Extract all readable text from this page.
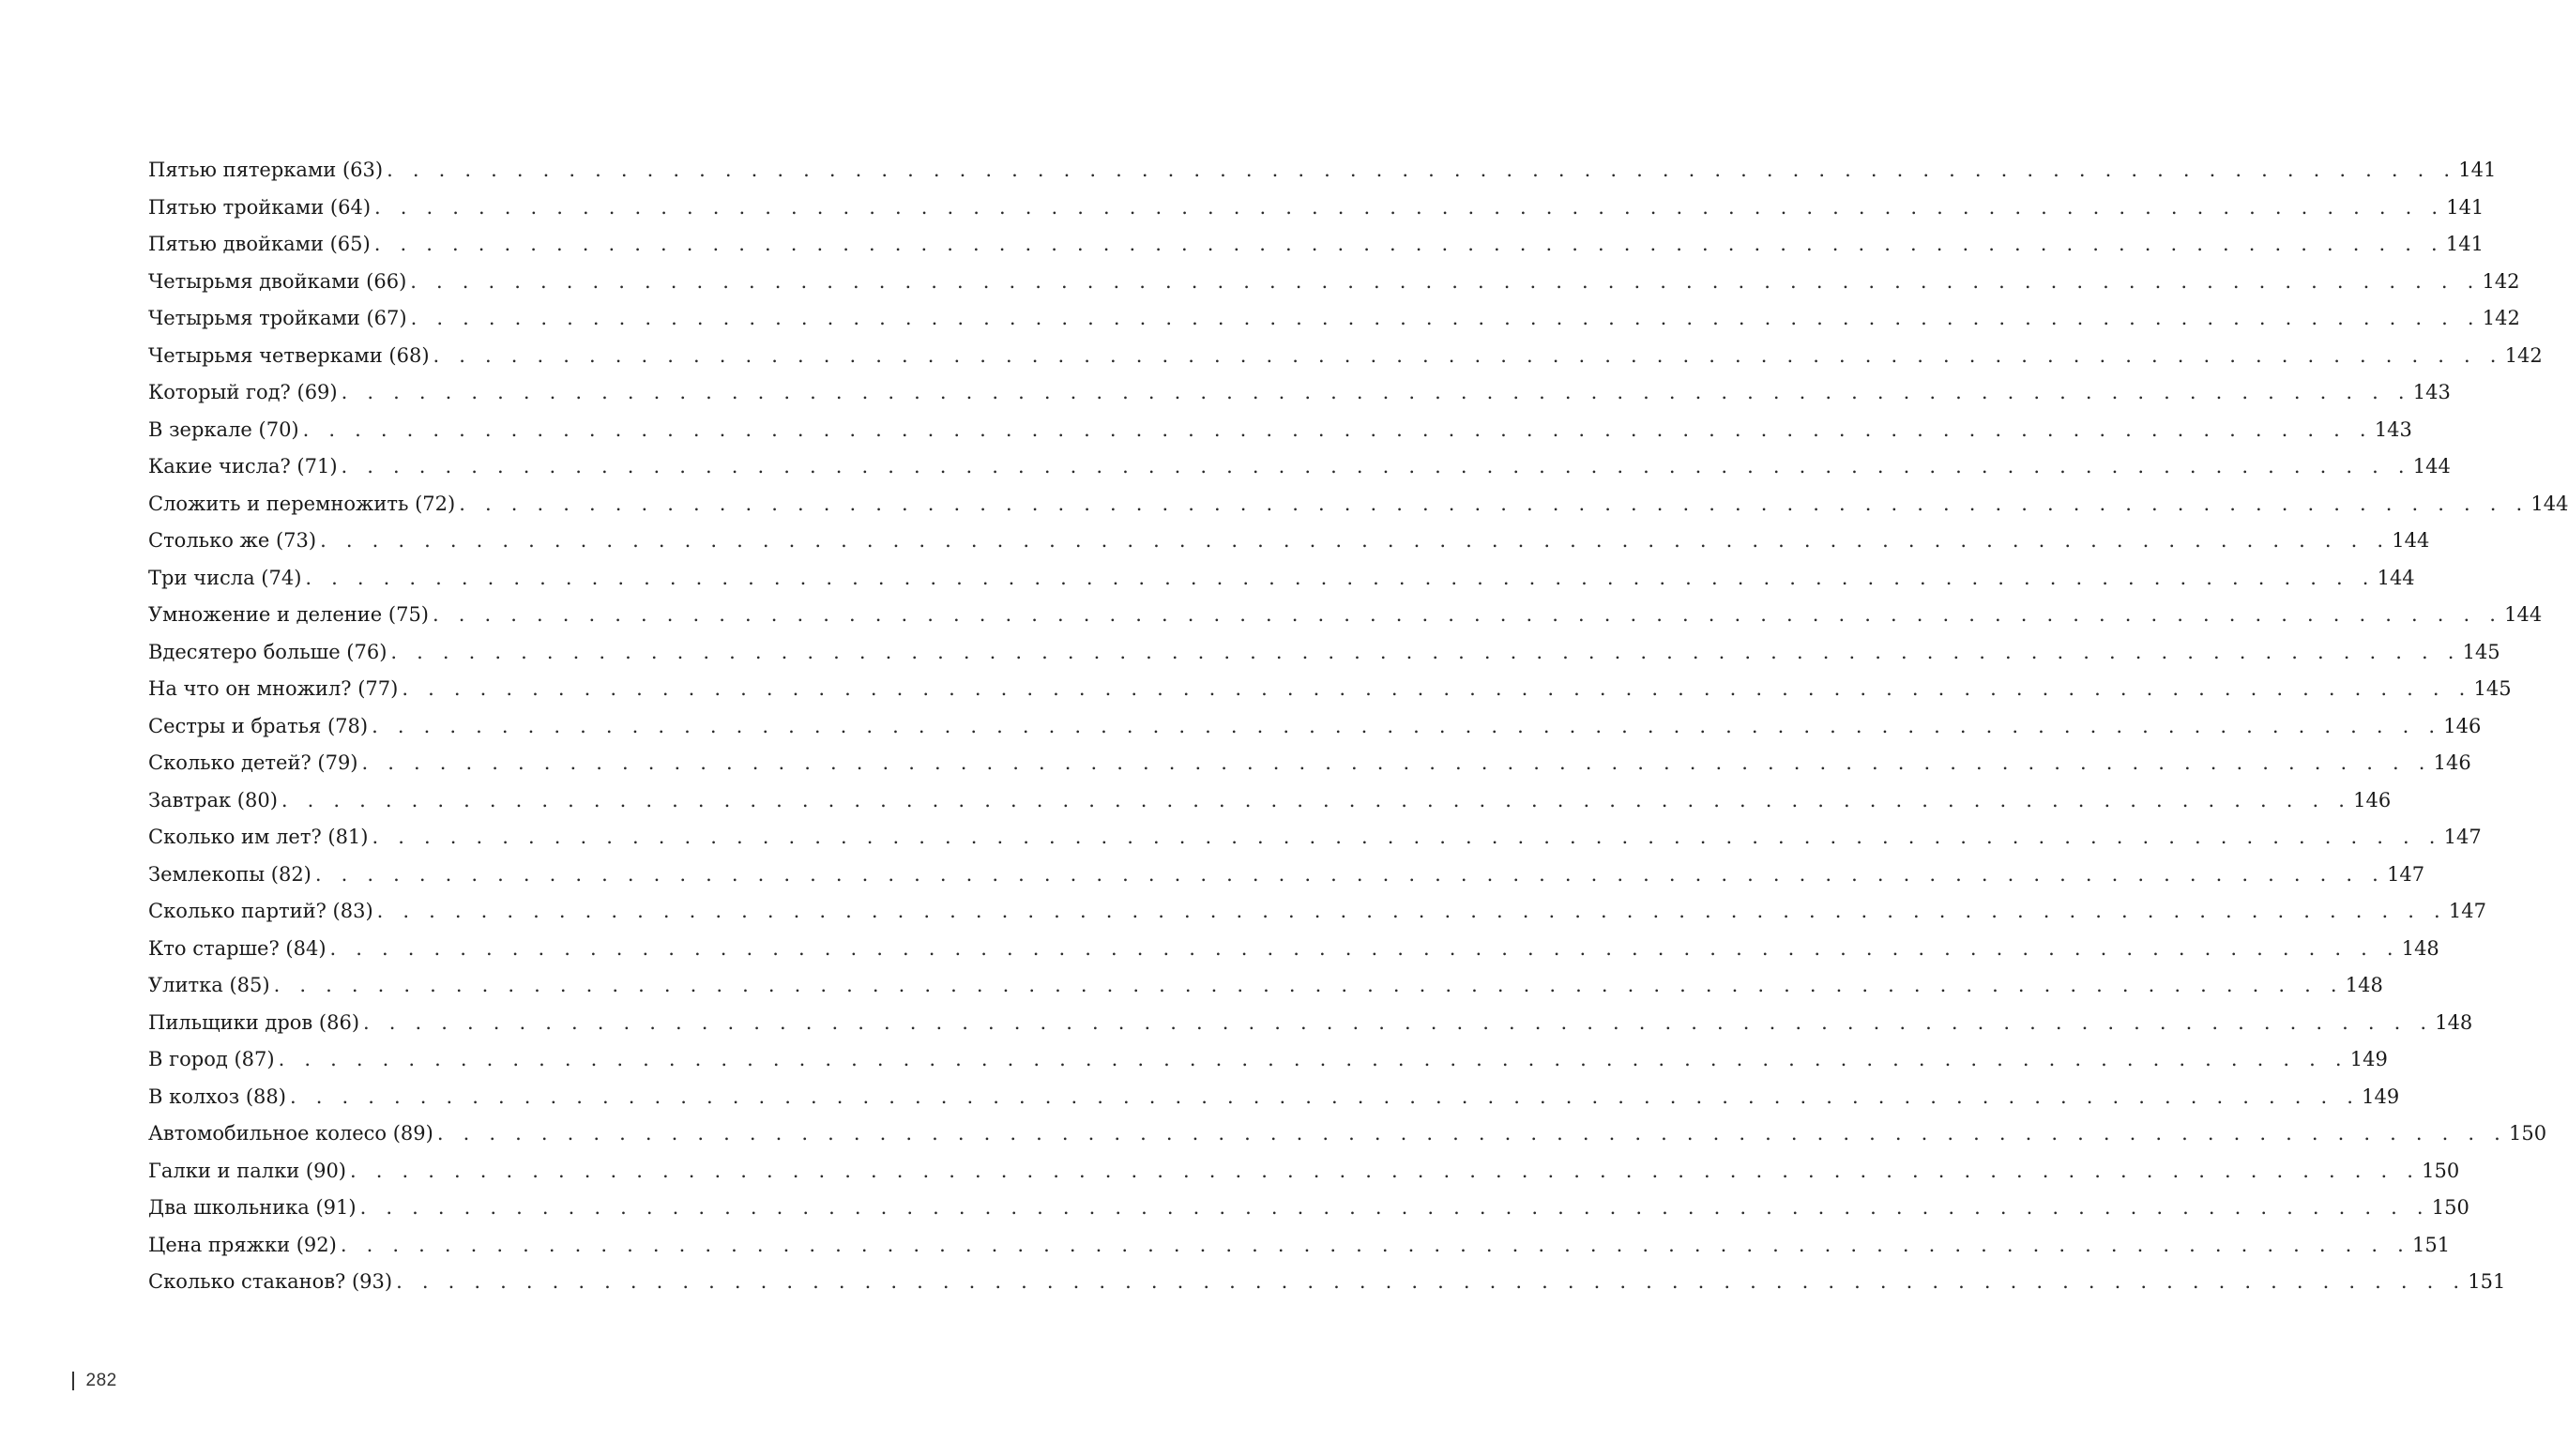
Пятью пятерками (63) . . . . . . . . . . . . . . . . . . . . . . . . . . . . . . . . . . . . . . . . . . . . . . . . . . . . . . . . . . . . . . . . . . . . . . . . . . . . . . . . 141
Пятью тройками (64) . . . . . . . . . . . . . . . . . . . . . . . . . . . . . . . . . . . . . . . . . . . . . . . . . . . . . . . . . . . . . . . . . . . . . . . . . . . . . . . . 141
Пятью двойками (65) . . . . . . . . . . . . . . . . . . . . . . . . . . . . . . . . . . . . . . . . . . . . . . . . . . . . . . . . . . . . . . . . . . . . . . . . . . . . . . . . 141
Четырьмя двойками (66) . . . . . . . . . . . . . . . . . . . . . . . . . . . . . . . . . . . . . . . . . . . . . . . . . . . . . . . . . . . . . . . . . . . . . . . . . . . . . . . . 142
Четырьмя тройками (67) . . . . . . . . . . . . . . . . . . . . . . . . . . . . . . . . . . . . . . . . . . . . . . . . . . . . . . . . . . . . . . . . . . . . . . . . . . . . . . . . 142
Четырьмя четверками (68) . . . . . . . . . . . . . . . . . . . . . . . . . . . . . . . . . . . . . . . . . . . . . . . . . . . . . . . . . . . . . . . . . . . . . . . . . . . . . . . . 142
Который год? (69) . . . . . . . . . . . . . . . . . . . . . . . . . . . . . . . . . . . . . . . . . . . . . . . . . . . . . . . . . . . . . . . . . . . . . . . . . . . . . . . . 143
В зеркале (70) . . . . . . . . . . . . . . . . . . . . . . . . . . . . . . . . . . . . . . . . . . . . . . . . . . . . . . . . . . . . . . . . . . . . . . . . . . . . . . . . 143
Какие числа? (71) . . . . . . . . . . . . . . . . . . . . . . . . . . . . . . . . . . . . . . . . . . . . . . . . . . . . . . . . . . . . . . . . . . . . . . . . . . . . . . . . 144
Сложить и перемножить (72) . . . . . . . . . . . . . . . . . . . . . . . . . . . . . . . . . . . . . . . . . . . . . . . . . . . . . . . . . . . . . . . . . . . . . . . . . . . . . . . . 144
Столько же (73) . . . . . . . . . . . . . . . . . . . . . . . . . . . . . . . . . . . . . . . . . . . . . . . . . . . . . . . . . . . . . . . . . . . . . . . . . . . . . . . . 144
Три числа (74) . . . . . . . . . . . . . . . . . . . . . . . . . . . . . . . . . . . . . . . . . . . . . . . . . . . . . . . . . . . . . . . . . . . . . . . . . . . . . . . . 144
Умножение и деление (75) . . . . . . . . . . . . . . . . . . . . . . . . . . . . . . . . . . . . . . . . . . . . . . . . . . . . . . . . . . . . . . . . . . . . . . . . . . . . . . . . 144
Вдесятеро больше (76) . . . . . . . . . . . . . . . . . . . . . . . . . . . . . . . . . . . . . . . . . . . . . . . . . . . . . . . . . . . . . . . . . . . . . . . . . . . . . . . . 145
На что он множил? (77) . . . . . . . . . . . . . . . . . . . . . . . . . . . . . . . . . . . . . . . . . . . . . . . . . . . . . . . . . . . . . . . . . . . . . . . . . . . . . . . . 145
Сестры и братья (78) . . . . . . . . . . . . . . . . . . . . . . . . . . . . . . . . . . . . . . . . . . . . . . . . . . . . . . . . . . . . . . . . . . . . . . . . . . . . . . . . 146
Сколько детей? (79) . . . . . . . . . . . . . . . . . . . . . . . . . . . . . . . . . . . . . . . . . . . . . . . . . . . . . . . . . . . . . . . . . . . . . . . . . . . . . . . . 146
Завтрак (80) . . . . . . . . . . . . . . . . . . . . . . . . . . . . . . . . . . . . . . . . . . . . . . . . . . . . . . . . . . . . . . . . . . . . . . . . . . . . . . . . 146
Сколько им лет? (81) . . . . . . . . . . . . . . . . . . . . . . . . . . . . . . . . . . . . . . . . . . . . . . . . . . . . . . . . . . . . . . . . . . . . . . . . . . . . . . . . 147
Землекопы (82) . . . . . . . . . . . . . . . . . . . . . . . . . . . . . . . . . . . . . . . . . . . . . . . . . . . . . . . . . . . . . . . . . . . . . . . . . . . . . . . . 147
Сколько партий? (83) . . . . . . . . . . . . . . . . . . . . . . . . . . . . . . . . . . . . . . . . . . . . . . . . . . . . . . . . . . . . . . . . . . . . . . . . . . . . . . . . 147
Кто старше? (84) . . . . . . . . . . . . . . . . . . . . . . . . . . . . . . . . . . . . . . . . . . . . . . . . . . . . . . . . . . . . . . . . . . . . . . . . . . . . . . . . 148
Улитка (85) . . . . . . . . . . . . . . . . . . . . . . . . . . . . . . . . . . . . . . . . . . . . . . . . . . . . . . . . . . . . . . . . . . . . . . . . . . . . . . . . 148
Пильщики дров (86) . . . . . . . . . . . . . . . . . . . . . . . . . . . . . . . . . . . . . . . . . . . . . . . . . . . . . . . . . . . . . . . . . . . . . . . . . . . . . . . . 148
В город (87) . . . . . . . . . . . . . . . . . . . . . . . . . . . . . . . . . . . . . . . . . . . . . . . . . . . . . . . . . . . . . . . . . . . . . . . . . . . . . . . . 149
В колхоз (88) . . . . . . . . . . . . . . . . . . . . . . . . . . . . . . . . . . . . . . . . . . . . . . . . . . . . . . . . . . . . . . . . . . . . . . . . . . . . . . . . 149
Автомобильное колесо (89) . . . . . . . . . . . . . . . . . . . . . . . . . . . . . . . . . . . . . . . . . . . . . . . . . . . . . . . . . . . . . . . . . . . . . . . . . . . . . . . . 150
Галки и палки (90) . . . . . . . . . . . . . . . . . . . . . . . . . . . . . . . . . . . . . . . . . . . . . . . . . . . . . . . . . . . . . . . . . . . . . . . . . . . . . . . . 150
Два школьника (91) . . . . . . . . . . . . . . . . . . . . . . . . . . . . . . . . . . . . . . . . . . . . . . . . . . . . . . . . . . . . . . . . . . . . . . . . . . . . . . . . 150
Цена пряжки (92) . . . . . . . . . . . . . . . . . . . . . . . . . . . . . . . . . . . . . . . . . . . . . . . . . . . . . . . . . . . . . . . . . . . . . . . . . . . . . . . . 151
Сколько стаканов? (93) . . . . . . . . . . . . . . . . . . . . . . . . . . . . . . . . . . . . . . . . . . . . . . . . . . . . . . . . . . . . . . . . . . . . . . . . . . . . . . . . 151
282
